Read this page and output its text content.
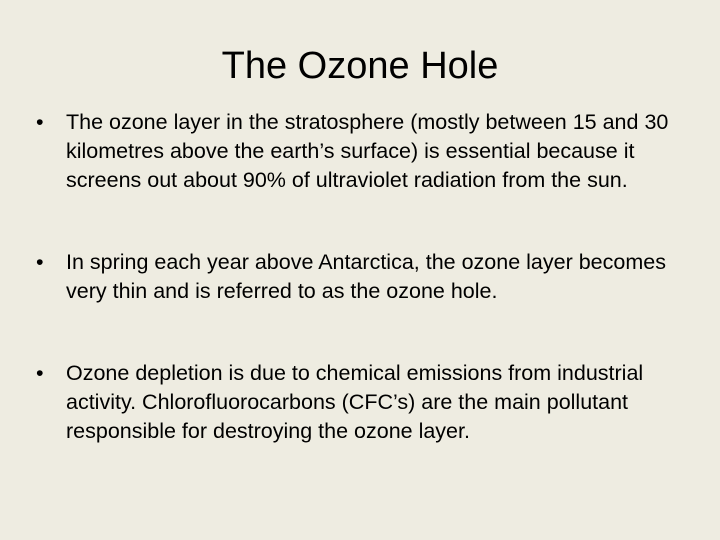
The Ozone Hole
•	The ozone layer in the stratosphere (mostly between 15 and 30 kilometres above the earth’s surface) is essential because it screens out about 90% of ultraviolet radiation from the sun.
•	In spring each year above Antarctica, the ozone layer becomes very thin and is referred to as the ozone hole.
•	Ozone depletion is due to chemical emissions from industrial activity. Chlorofluorocarbons (CFC’s) are the main pollutant responsible for destroying the ozone layer.
